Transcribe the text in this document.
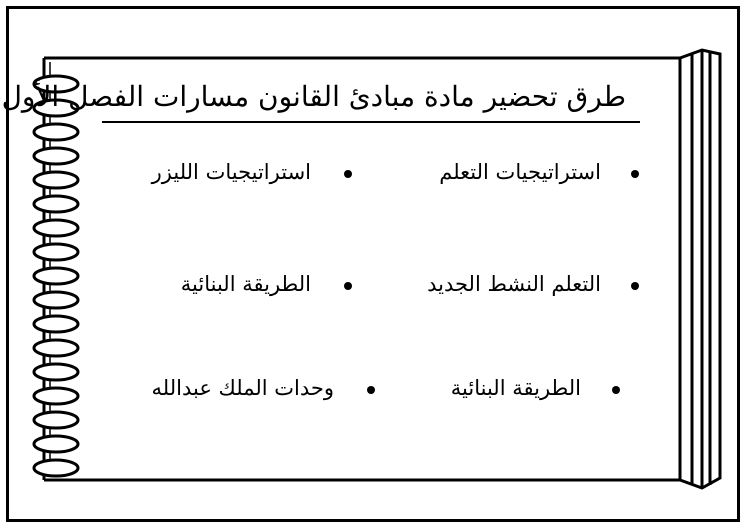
طرق تحضير مادة مبادئ القانون مسارات الفصل الأول
استراتيجيات التعلم
استراتيجيات الليزر
التعلم النشط الجديد
الطريقة البنائية
الطريقة البنائية
وحدات الملك عبدالله
